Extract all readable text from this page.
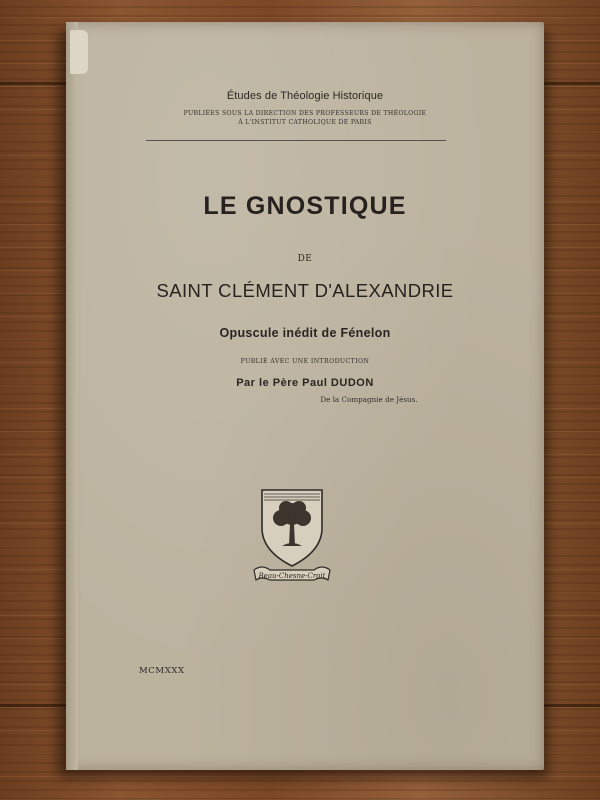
Études de Théologie Historique
PUBLIÉES SOUS LA DIRECTION DES PROFESSEURS DE THÉOLOGIE
À L'INSTITUT CATHOLIQUE DE PARIS
LE GNOSTIQUE
DE
SAINT CLÉMENT D'ALEXANDRIE
Opuscule inédit de Fénelon
PUBLIÉ AVEC UNE INTRODUCTION
Par le Père Paul DUDON
De la Compagnie de Jésus.
Beau-Chesne-Croit
MCMXXX
